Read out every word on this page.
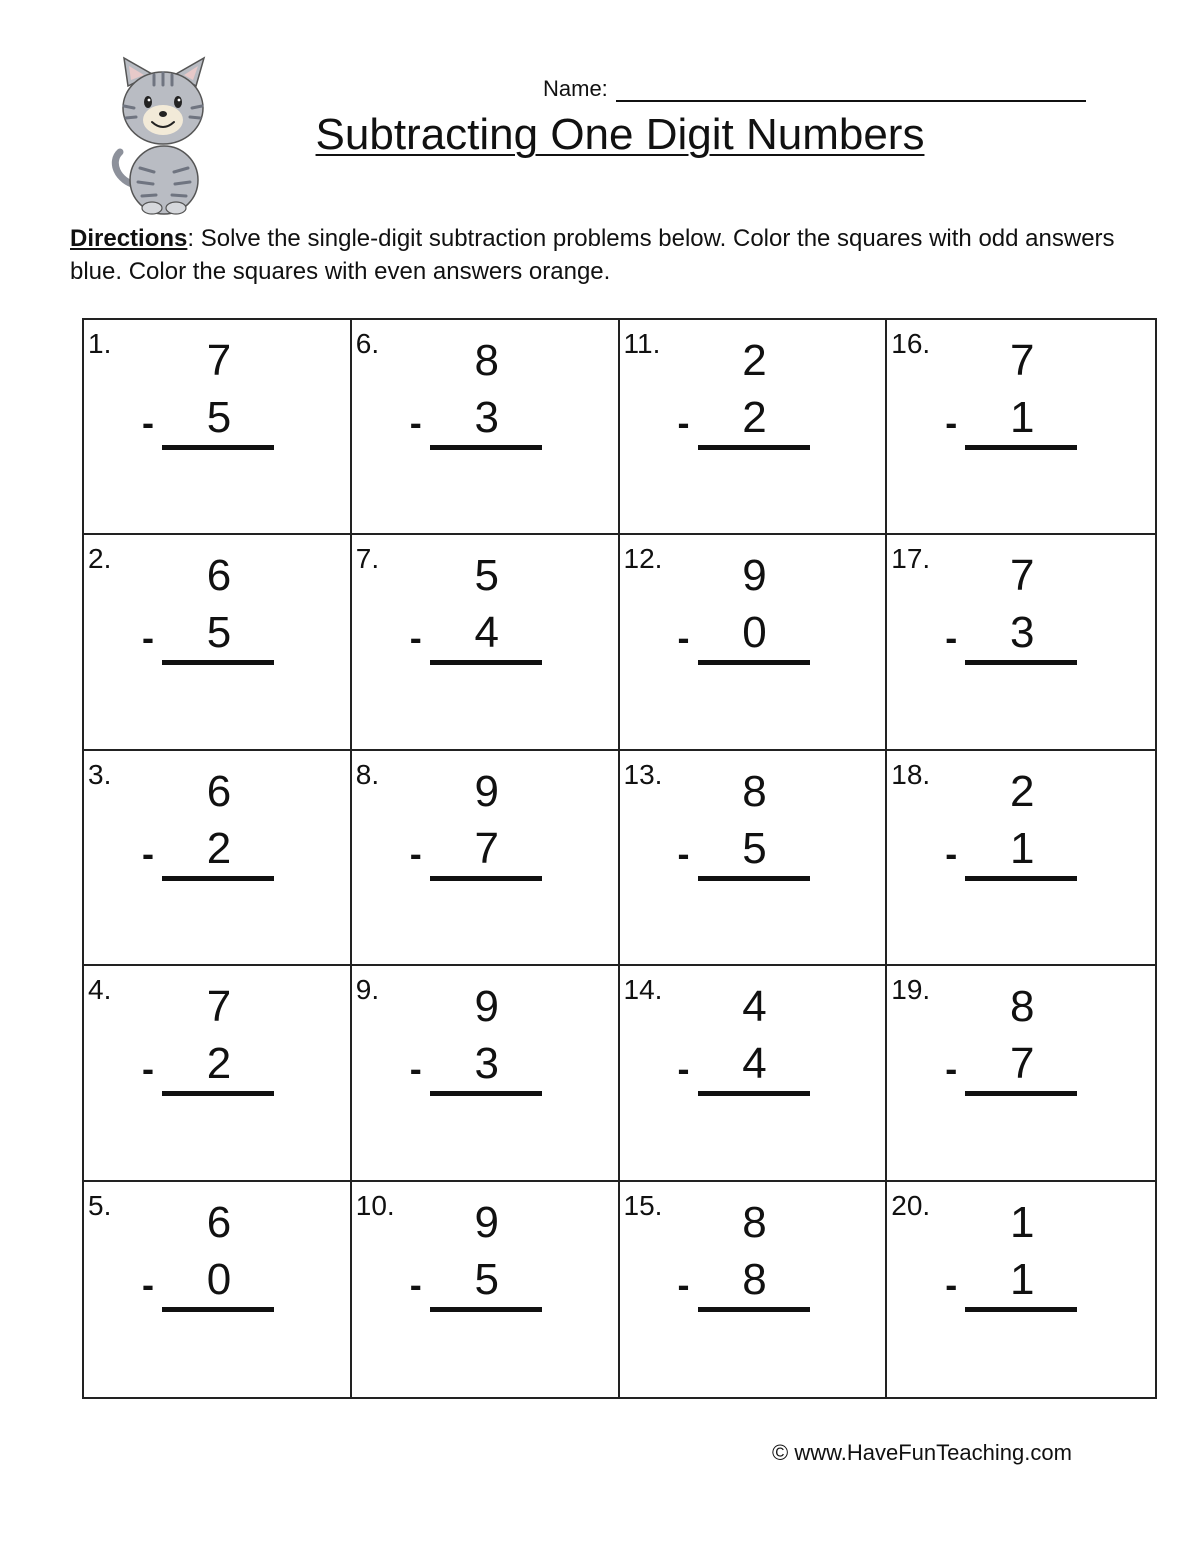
Name:
Subtracting One Digit Numbers
Directions: Solve the single-digit subtraction problems below. Color the squares with odd answers blue. Color the squares with even answers orange.
1.	7
-	5
6.	8
-	3
11.	2
-	2
16.	7
-	1
2.	6
-	5
7.	5
-	4
12.	9
-	0
17.	7
-	3
3.	6
-	2
8.	9
-	7
13.	8
-	5
18.	2
-	1
4.	7
-	2
9.	9
-	3
14.	4
-	4
19.	8
-	7
5.	6
-	0
10.	9
-	5
15.	8
-	8
20.	1
-	1
© www.HaveFunTeaching.com
